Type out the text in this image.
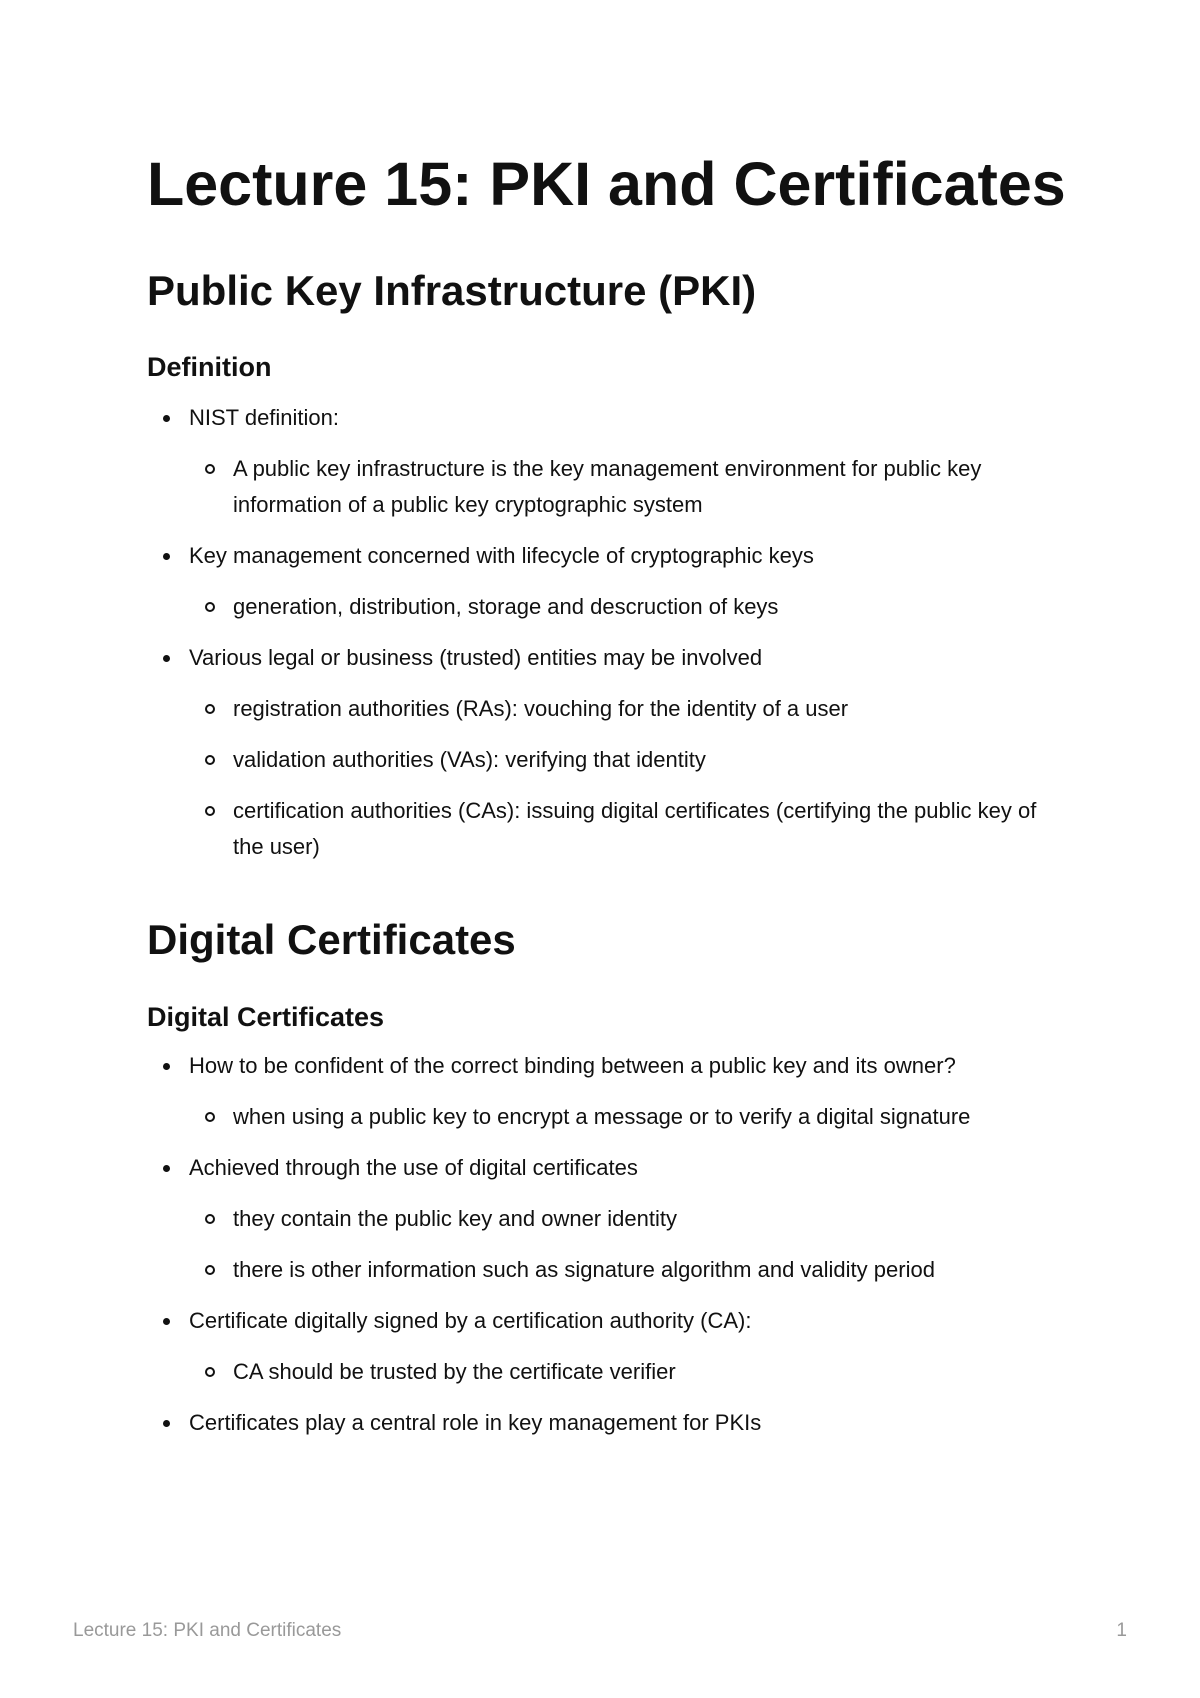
Lecture 15: PKI and Certificates
Public Key Infrastructure (PKI)
Definition
NIST definition:
A public key infrastructure is the key management environment for public key information of a public key cryptographic system
Key management concerned with lifecycle of cryptographic keys
generation, distribution, storage and descruction of keys
Various legal or business (trusted) entities may be involved
registration authorities (RAs): vouching for the identity of a user
validation authorities (VAs): verifying that identity
certification authorities (CAs): issuing digital certificates (certifying the public key of the user)
Digital Certificates
Digital Certificates
How to be confident of the correct binding between a public key and its owner?
when using a public key to encrypt a message or to verify a digital signature
Achieved through the use of digital certificates
they contain the public key and owner identity
there is other information such as signature algorithm and validity period
Certificate digitally signed by a certification authority (CA):
CA should be trusted by the certificate verifier
Certificates play a central role in key management for PKIs
Lecture 15: PKI and Certificates	1
